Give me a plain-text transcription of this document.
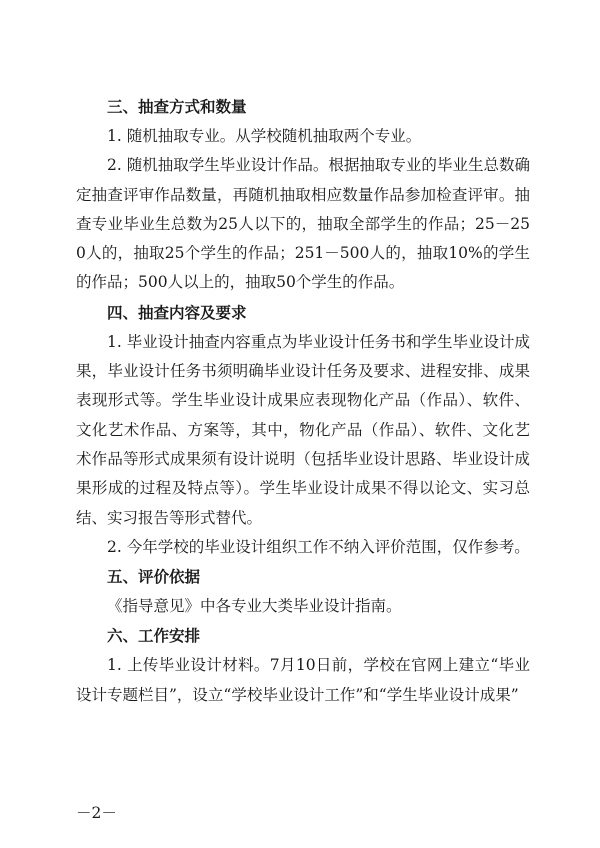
三、抽查方式和数量

1. 随机抽取专业。从学校随机抽取两个专业。

2. 随机抽取学生毕业设计作品。根据抽取专业的毕业生总数确定抽查评审作品数量，再随机抽取相应数量作品参加检查评审。抽查专业毕业生总数为25人以下的，抽取全部学生的作品；25－250人的，抽取25个学生的作品；251－500人的，抽取10%的学生的作品；500人以上的，抽取50个学生的作品。

四、抽查内容及要求

1. 毕业设计抽查内容重点为毕业设计任务书和学生毕业设计成果，毕业设计任务书须明确毕业设计任务及要求、进程安排、成果表现形式等。学生毕业设计成果应表现物化产品（作品）、软件、文化艺术作品、方案等，其中，物化产品（作品）、软件、文化艺术作品等形式成果须有设计说明（包括毕业设计思路、毕业设计成果形成的过程及特点等）。学生毕业设计成果不得以论文、实习总结、实习报告等形式替代。

2. 今年学校的毕业设计组织工作不纳入评价范围，仅作参考。

五、评价依据

《指导意见》中各专业大类毕业设计指南。

六、工作安排

1. 上传毕业设计材料。7月10日前，学校在官网上建立“毕业设计专题栏目”，设立“学校毕业设计工作”和“学生毕业设计成果”

－2－
